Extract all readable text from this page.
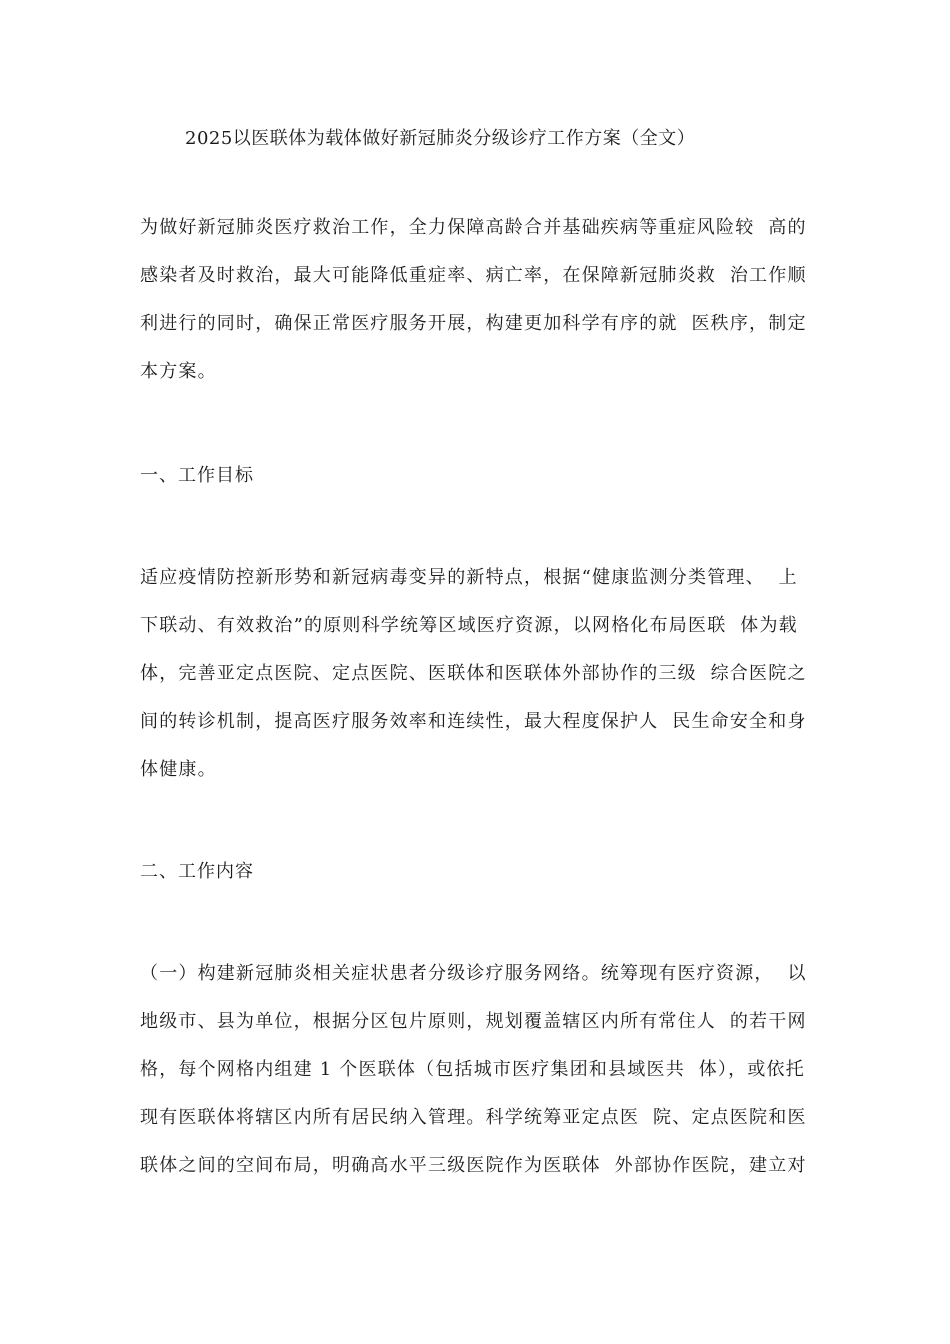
2025以医联体为载体做好新冠肺炎分级诊疗工作方案（全文）
为做好新冠肺炎医疗救治工作，全力保障高龄合并基础疾病等重症风险较  高的
感染者及时救治，最大可能降低重症率、病亡率，在保障新冠肺炎救  治工作顺
利进行的同时，确保正常医疗服务开展，构建更加科学有序的就  医秩序，制定
本方案。
一、工作目标
适应疫情防控新形势和新冠病毒变异的新特点，根据“健康监测分类管理、  上
下联动、有效救治”的原则科学统筹区域医疗资源，以网格化布局医联  体为载
体，完善亚定点医院、定点医院、医联体和医联体外部协作的三级  综合医院之
间的转诊机制，提高医疗服务效率和连续性，最大程度保护人  民生命安全和身
体健康。
二、工作内容
（一）构建新冠肺炎相关症状患者分级诊疗服务网络。统筹现有医疗资源，  以
地级市、县为单位，根据分区包片原则，规划覆盖辖区内所有常住人  的若干网
格，每个网格内组建 1 个医联体（包括城市医疗集团和县域医共  体），或依托
现有医联体将辖区内所有居民纳入管理。科学统筹亚定点医  院、定点医院和医
联体之间的空间布局，明确高水平三级医院作为医联体  外部协作医院，建立对
